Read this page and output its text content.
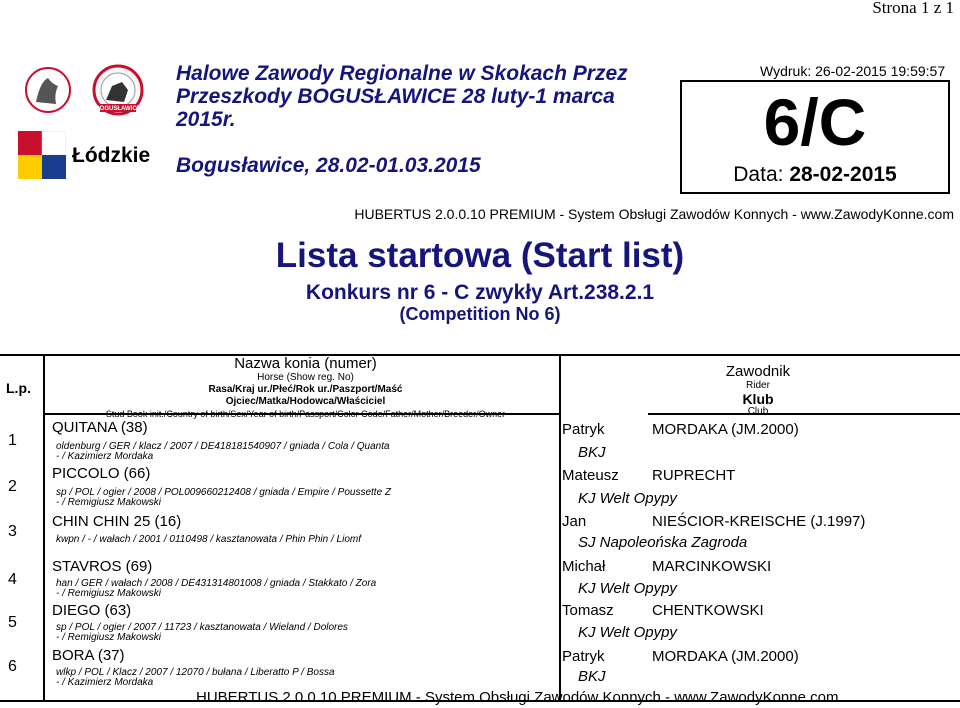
Strona 1 z 1
BOGUSŁAWICE
Łódzkie
Halowe Zawody Regionalne w Skokach Przez Przeszkody BOGUSŁAWICE 28 luty-1 marca 2015r.
Bogusławice, 28.02-01.03.2015
Wydruk: 26-02-2015 19:59:57
6/C
Data: 28-02-2015
HUBERTUS 2.0.0.10 PREMIUM - System Obsługi Zawodów Konnych - www.ZawodyKonne.com
Lista startowa (Start list)
Konkurs nr 6 - C zwykły Art.238.2.1
(Competition No 6)
L.p.
Nazwa konia (numer)
Horse (Show reg. No)
Rasa/Kraj ur./Płeć/Rok ur./Paszport/Maść
Ojciec/Matka/Hodowca/Właściciel
Stud Book init./Country of birth/Sex/Year of birth/Passport/Color Code/Father/Mother/Breeder/Owner
Zawodnik
Rider
Klub
Club
1
QUITANA (38)
oldenburg / GER / klacz / 2007 / DE418181540907 / gniada / Cola / Quanta
- / Kazimierz Mordaka
Patryk	MORDAKA (JM.2000)
BKJ
2
PICCOLO (66)
sp / POL / ogier / 2008 / POL009660212408 / gniada / Empire / Poussette Z
- / Remigiusz Makowski
Mateusz RUPRECHT
KJ Welt Opypy
3
CHIN CHIN 25 (16)
kwpn / - / wałach / 2001 / 0110498 / kasztanowata / Phin Phin / Liomf
Jan	NIEŚCIOR-KREISCHE (J.1997)
SJ Napoleońska Zagroda
4
STAVROS (69)
han / GER / wałach / 2008 / DE431314801008 / gniada / Stakkato / Zora
- / Remigiusz Makowski
Michał	MARCINKOWSKI
KJ Welt Opypy
5
DIEGO (63)
sp / POL / ogier / 2007 / 11723 / kasztanowata / Wieland / Dolores
- / Remigiusz Makowski
Tomasz	CHENTKOWSKI
KJ Welt Opypy
6
BORA (37)
wlkp / POL / Klacz / 2007 / 12070 / bułana / Liberatto P / Bossa
- / Kazimierz Mordaka
Patryk	MORDAKA (JM.2000)
BKJ
HUBERTUS 2.0.0.10 PREMIUM - System Obsługi Zawodów Konnych - www.ZawodyKonne.com
